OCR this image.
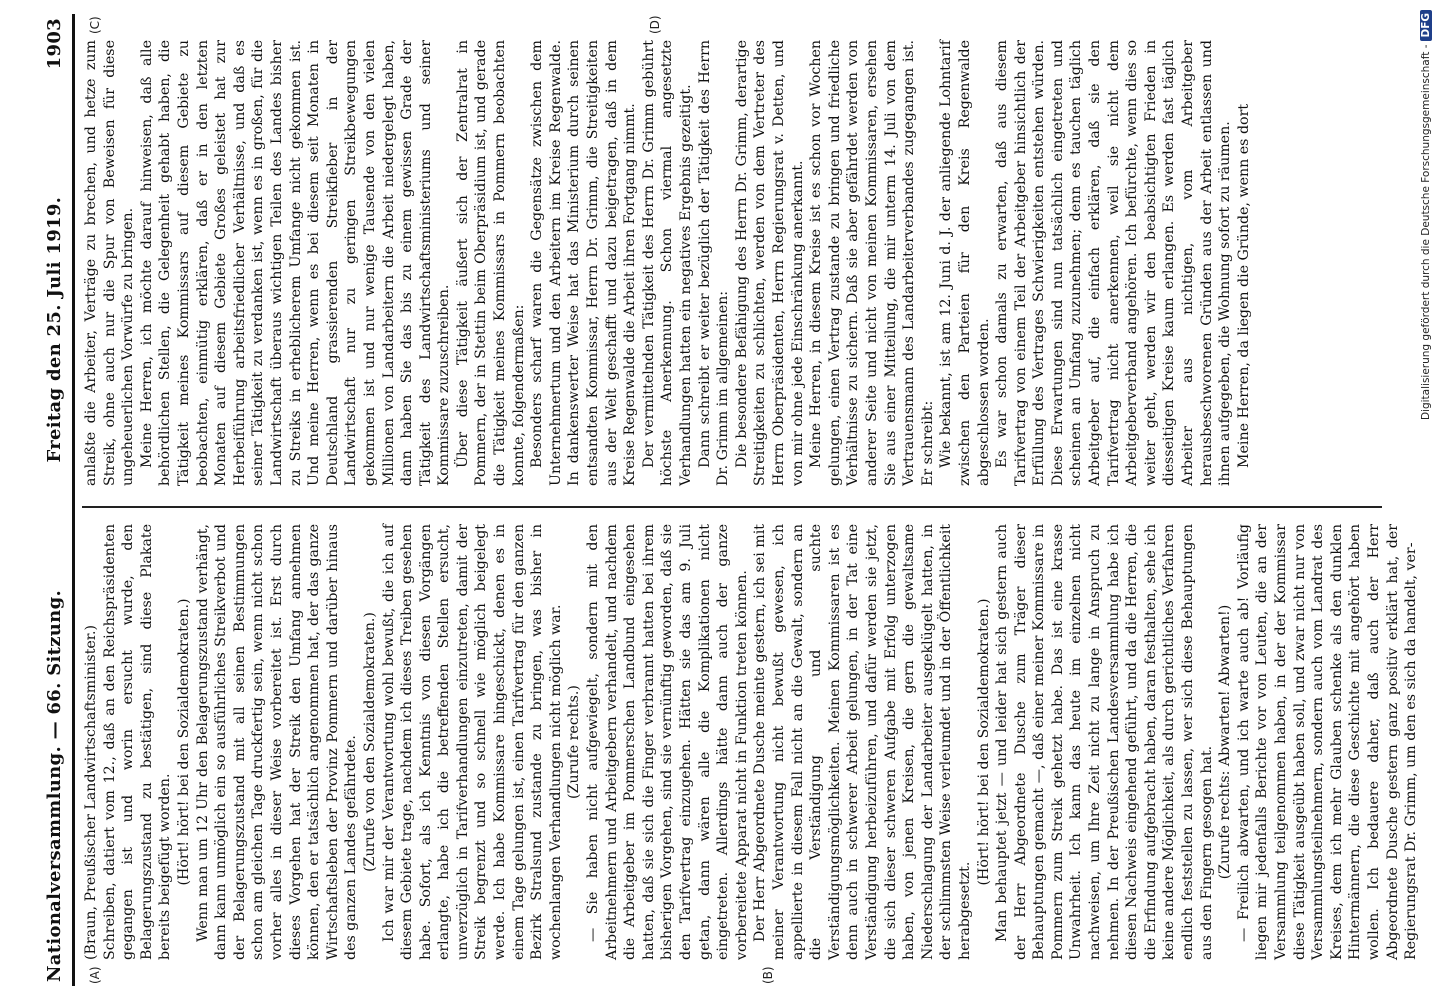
Nationalversammlung. — 66. Sitzung.
Freitag den 25. Juli 1919.
1903
(A)	(B)
(C)	(D)

(Braun, Preußischer Landwirtschaftsminister.) Schreiben, datiert vom 12., daß an den Reichspräsidenten gegangen ist und worin ersucht wurde, den Belagerungszustand zu bestätigen, sind diese Plakate bereits beigefügt worden. (Hört! hört! bei den Sozialdemokraten.) Wenn man um 12 Uhr den Belagerungszustand verhängt, dann kann unmöglich ein so ausführliches Streikverbot und der Belagerungszustand mit all seinen Bestimmungen schon am gleichen Tage druckfertig sein, wenn nicht schon vorher alles in dieser Weise vorbereitet ist. Erst durch dieses Vorgehen hat der Streik den Umfang annehmen können, den er tatsächlich angenommen hat, der das ganze Wirtschaftsleben der Provinz Pommern und darüber hinaus des ganzen Landes gefährdete. (Zurufe von den Sozialdemokraten.) Ich war mir der Verantwortung wohl bewußt, die ich auf diesem Gebiete trage, nachdem ich dieses Treiben gesehen habe. Sofort, als ich Kenntnis von diesen Vorgängen erlangte, habe ich die betreffenden Stellen ersucht, unverzüglich in Tarifverhandlungen einzutreten, damit der Streik begrenzt und so schnell wie möglich beigelegt werde. Ich habe Kommissare hingeschickt, denen es in einem Tage gelungen ist, einen Tarifvertrag für den ganzen Bezirk Stralsund zustande zu bringen, was bisher in wochenlangen Verhandlungen nicht möglich war. (Zurufe rechts.) — Sie haben nicht aufgewiegelt, sondern mit den Arbeitnehmern und Arbeitgebern verhandelt, und nachdem die Arbeitgeber im Pommerschen Landbund eingesehen hatten, daß sie sich die Finger verbrannt hatten bei ihrem bisherigen Vorgehen, sind sie vernünftig geworden, daß sie den Tarifvertrag einzugehen. Hätten sie das am 9. Juli getan, dann wären alle die Komplikationen nicht eingetreten. Allerdings hätte dann auch der ganze vorbereitete Apparat nicht in Funktion treten können. Der Herr Abgeordnete Dusche meinte gestern, ich sei mit meiner Verantwortung nicht bewußt gewesen, ich appellierte in diesem Fall nicht an die Gewalt, sondern an die Verständigung und suchte Verständigungsmöglichkeiten. Meinen Kommissaren ist es denn auch in schwerer Arbeit gelungen, in der Tat eine Verständigung herbeizuführen, und dafür werden sie jetzt, die sich dieser schweren Aufgabe mit Erfolg unterzogen haben, von jenen Kreisen, die gern die gewaltsame Niederschlagung der Landarbeiter ausgeklügelt hatten, in der schlimmsten Weise verleumdet und in der Öffentlichkeit herabgesetzt.

(Hört! hört! bei den Sozialdemokraten.) Man behauptet jetzt — und leider hat sich gestern auch der Herr Abgeordnete Dusche zum Träger dieser Behauptungen gemacht —, daß einer meiner Kommissare in Pommern zum Streik gehetzt habe. Das ist eine krasse Unwahrheit. Ich kann das heute im einzelnen nicht nachweisen, um Ihre Zeit nicht zu lange in Anspruch zu nehmen. In der Preußischen Landesversammlung habe ich diesen Nachweis eingehend geführt, und da die Herren, die die Erfindung aufgebracht haben, daran festhalten, sehe ich keine andere Möglichkeit, als durch gerichtliches Verfahren endlich feststellen zu lassen, wer sich diese Behauptungen aus den Fingern gesogen hat. (Zurufe rechts: Abwarten! Abwarten!) — Freilich abwarten, und ich warte auch ab! Vorläufig liegen mir jedenfalls Berichte vor von Leuten, die an der Versammlung teilgenommen haben, in der der Kommissar diese Tätigkeit ausgeübt haben soll, und zwar nicht nur von Versammlungsteilnehmern, sondern auch vom Landrat des Kreises, dem ich mehr Glauben schenke als den dunklen Hintermännern, die diese Geschichte mit angehört haben wollen. Ich bedauere daher, daß auch der Herr Abgeordnete Dusche gestern ganz positiv erklärt hat, der Regierungsrat Dr. Grimm, um den es sich da handelt, ver-

anlaßte die Arbeiter, Verträge zu brechen, und hetze zum Streik, ohne auch nur die Spur von Beweisen für diese ungeheuerlichen Vorwürfe zu bringen. Meine Herren, ich möchte darauf hinweisen, daß alle behördlichen Stellen, die Gelegenheit gehabt haben, die Tätigkeit meines Kommissars auf diesem Gebiete zu beobachten, einmütig erklären, daß er in den letzten Monaten auf diesem Gebiete Großes geleistet hat zur Herbeiführung arbeitsfriedlicher Verhältnisse, und daß es seiner Tätigkeit zu verdanken ist, wenn es in großen, für die Landwirtschaft überaus wichtigen Teilen des Landes bisher zu Streiks in erheblicherem Umfange nicht gekommen ist. Und meine Herren, wenn es bei diesem seit Monaten in Deutschland grassierenden Streikfieber in der Landwirtschaft nur zu geringen Streikbewegungen gekommen ist und nur wenige Tausende von den vielen Millionen von Landarbeitern die Arbeit niedergelegt haben, dann haben Sie das bis zu einem gewissen Grade der Tätigkeit des Landwirtschaftsministeriums und seiner Kommissare zuzuschreiben. Über diese Tätigkeit äußert sich der Zentralrat in Pommern, der in Stettin beim Oberpräsidium ist, und gerade die Tätigkeit meines Kommissars in Pommern beobachten konnte, folgendermaßen: Besonders scharf waren die Gegensätze zwischen dem Unternehmertum und den Arbeitern im Kreise Regenwalde. In dankenswerter Weise hat das Ministerium durch seinen entsandten Kommissar, Herrn Dr. Grimm, die Streitigkeiten aus der Welt geschafft und dazu beigetragen, daß in dem Kreise Regenwalde die Arbeit ihren Fortgang nimmt. Der vermittelnden Tätigkeit des Herrn Dr. Grimm gebührt höchste Anerkennung. Schon viermal angesetzte Verhandlungen hatten ein negatives Ergebnis gezeitigt. Dann schreibt er weiter bezüglich der Tätigkeit des Herrn Dr. Grimm im allgemeinen: Die besondere Befähigung des Herrn Dr. Grimm, derartige Streitigkeiten zu schlichten, werden von dem Vertreter des Herrn Oberpräsidenten, Herrn Regierungsrat v. Detten, und von mir ohne jede Einschränkung anerkannt. Meine Herren, in diesem Kreise ist es schon vor Wochen gelungen, einen Vertrag zustande zu bringen und friedliche Verhältnisse zu sichern. Daß sie aber gefährdet werden von anderer Seite und nicht von meinen Kommissaren, ersehen Sie aus einer Mitteilung, die mir unterm 14. Juli von dem Vertrauensmann des Landarbeiterverbandes zugegangen ist. Er schreibt: Wie bekannt, ist am 12. Juni d. J. der anliegende Lohntarif zwischen den Parteien für den Kreis Regenwalde abgeschlossen worden. Es war schon damals zu erwarten, daß aus diesem Tarifvertrag von einem Teil der Arbeitgeber hinsichtlich der Erfüllung des Vertrages Schwierigkeiten entstehen würden. Diese Erwartungen sind nun tatsächlich eingetreten und scheinen an Umfang zuzunehmen; denn es tauchen täglich Arbeitgeber auf, die einfach erklären, daß sie den Tarifvertrag nicht anerkennen, weil sie nicht dem Arbeitgeberverband angehören. Ich befürchte, wenn dies so weiter geht, werden wir den beabsichtigten Frieden in diesseitigen Kreise kaum erlangen. Es werden fast täglich Arbeiter aus nichtigen, vom Arbeitgeber herausbeschworenen Gründen aus der Arbeit entlassen und ihnen aufgegeben, die Wohnung sofort zu räumen. Meine Herren, da liegen die Gründe, wenn es dort	Digitalisierung gefördert durch die Deutsche Forschungsgemeinschaft -DFG
